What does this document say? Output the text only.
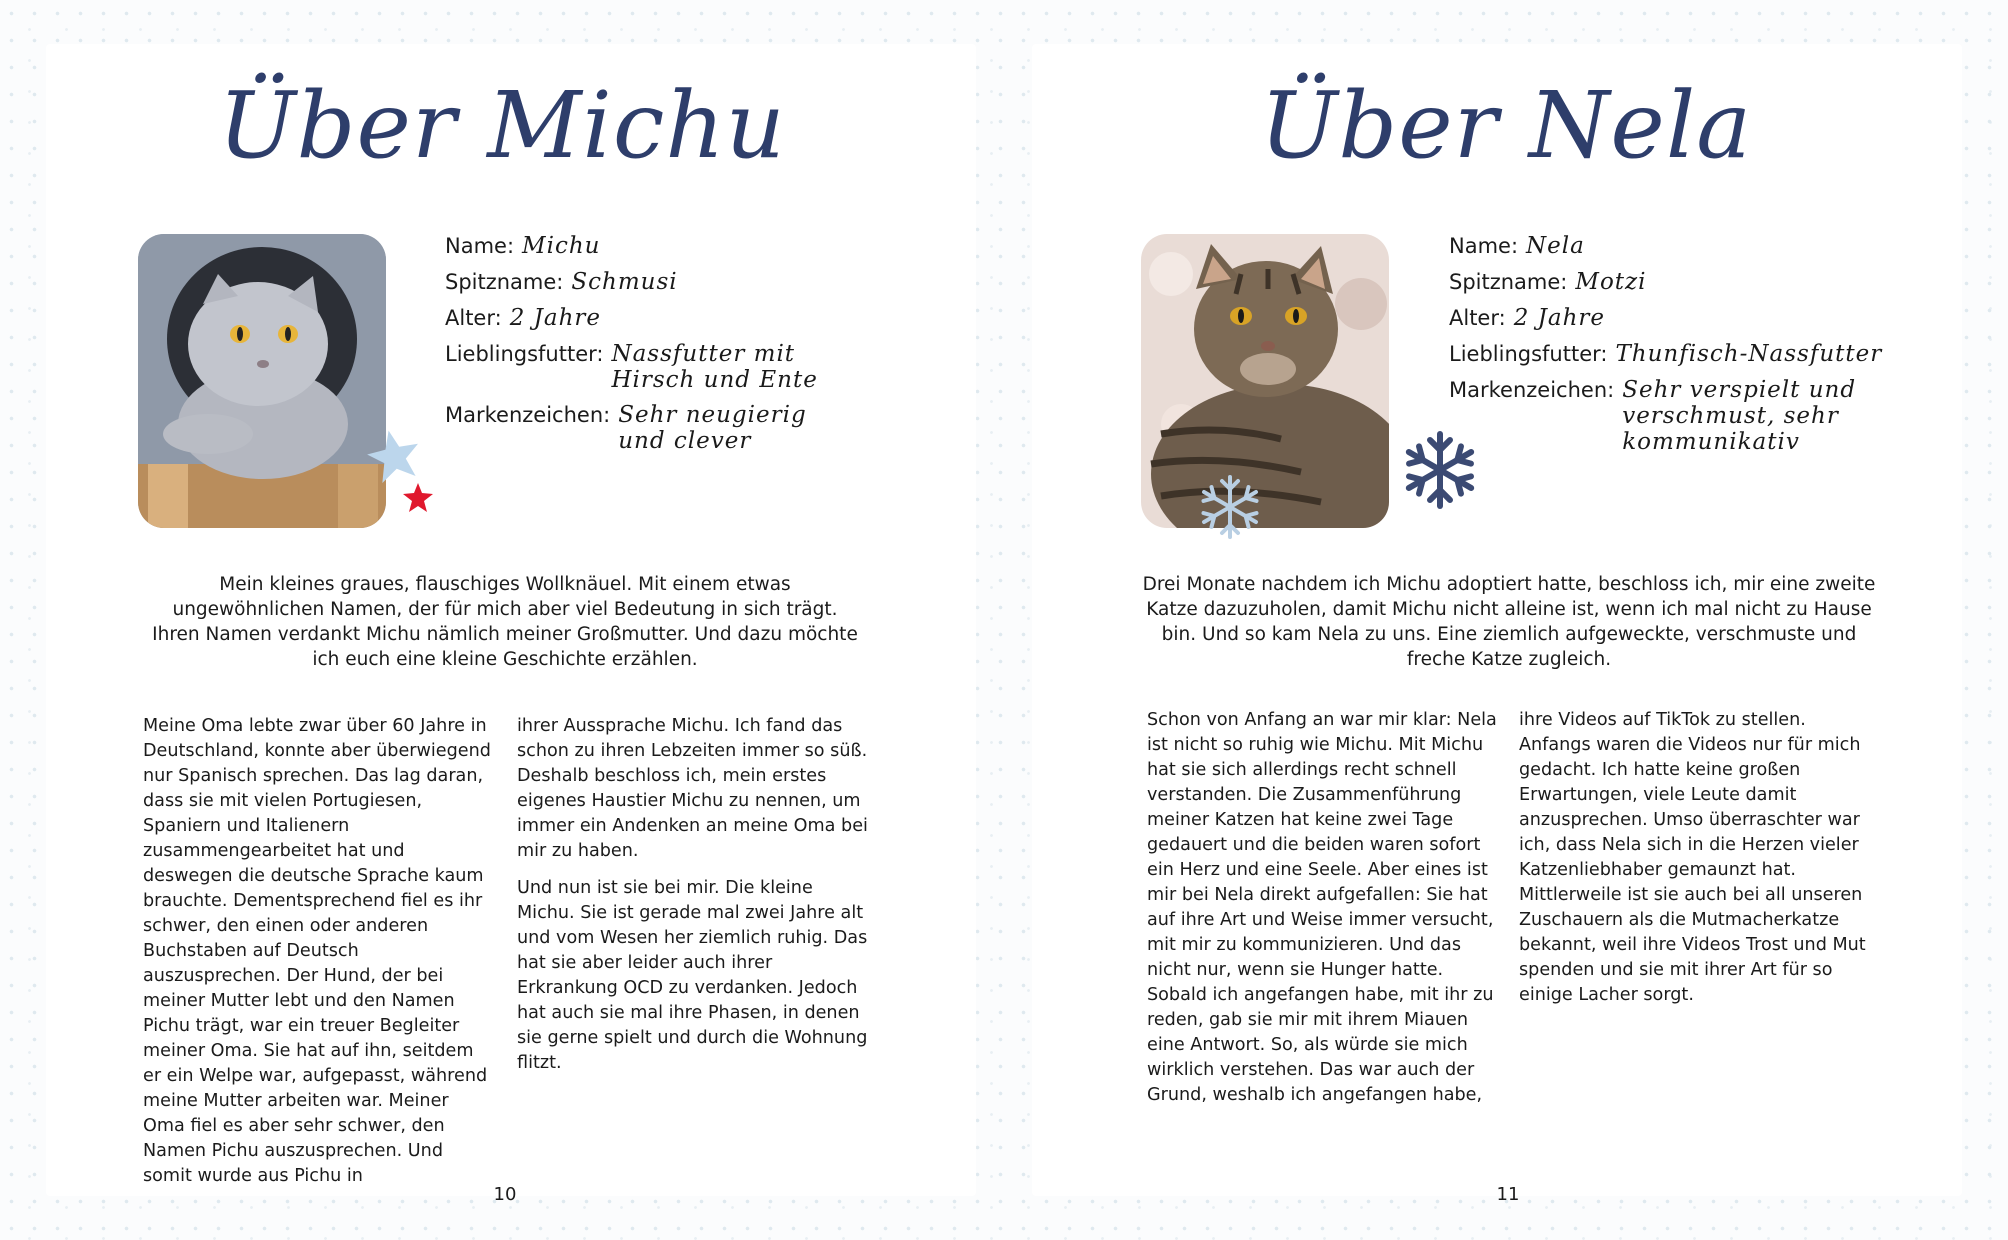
Über Michu
Name: Michu
Spitzname: Schmusi
Alter: 2 Jahre
Lieblingsfutter: Nassfutter mit Hirsch und Ente
Markenzeichen: Sehr neugierig und clever
Mein kleines graues, flauschiges Wollknäuel. Mit einem etwas ungewöhnlichen Namen, der für mich aber viel Bedeutung in sich trägt. Ihren Namen verdankt Michu nämlich meiner Großmutter. Und dazu möchte ich euch eine kleine Geschichte erzählen.

Meine Oma lebte zwar über 60 Jahre in Deutschland, konnte aber überwiegend nur Spanisch sprechen. Das lag daran, dass sie mit vielen Portugiesen, Spaniern und Italienern zusammengearbeitet hat und deswegen die deutsche Sprache kaum brauchte. Dementsprechend fiel es ihr schwer, den einen oder anderen Buchstaben auf Deutsch auszusprechen. Der Hund, der bei meiner Mutter lebt und den Namen Pichu trägt, war ein treuer Begleiter meiner Oma. Sie hat auf ihn, seitdem er ein Welpe war, aufgepasst, während meine Mutter arbeiten war. Meiner Oma fiel es aber sehr schwer, den Namen Pichu auszusprechen. Und somit wurde aus Pichu in

ihrer Aussprache Michu. Ich fand das schon zu ihren Lebzeiten immer so süß. Deshalb beschloss ich, mein erstes eigenes Haustier Michu zu nennen, um immer ein Andenken an meine Oma bei mir zu haben.

Und nun ist sie bei mir. Die kleine Michu. Sie ist gerade mal zwei Jahre alt und vom Wesen her ziemlich ruhig. Das hat sie aber leider auch ihrer Erkrankung OCD zu verdanken. Jedoch hat auch sie mal ihre Phasen, in denen sie gerne spielt und durch die Wohnung flitzt.

10
Über Nela
Name: Nela
Spitzname: Motzi
Alter: 2 Jahre
Lieblingsfutter: Thunfisch-Nassfutter
Markenzeichen: Sehr verspielt und verschmust, sehr kommunikativ
Drei Monate nachdem ich Michu adoptiert hatte, beschloss ich, mir eine zweite Katze dazuzuholen, damit Michu nicht alleine ist, wenn ich mal nicht zu Hause bin. Und so kam Nela zu uns. Eine ziemlich aufgeweckte, verschmuste und freche Katze zugleich.

Schon von Anfang an war mir klar: Nela ist nicht so ruhig wie Michu. Mit Michu hat sie sich allerdings recht schnell verstanden. Die Zusammenführung meiner Katzen hat keine zwei Tage gedauert und die beiden waren sofort ein Herz und eine Seele. Aber eines ist mir bei Nela direkt aufgefallen: Sie hat auf ihre Art und Weise immer versucht, mit mir zu kommunizieren. Und das nicht nur, wenn sie Hunger hatte. Sobald ich angefangen habe, mit ihr zu reden, gab sie mir mit ihrem Miauen eine Antwort. So, als würde sie mich wirklich verstehen. Das war auch der Grund, weshalb ich angefangen habe,

ihre Videos auf TikTok zu stellen. Anfangs waren die Videos nur für mich gedacht. Ich hatte keine großen Erwartungen, viele Leute damit anzusprechen. Umso überraschter war ich, dass Nela sich in die Herzen vieler Katzenliebhaber gemaunzt hat. Mittlerweile ist sie auch bei all unseren Zuschauern als die Mutmacherkatze bekannt, weil ihre Videos Trost und Mut spenden und sie mit ihrer Art für so einige Lacher sorgt.

11
